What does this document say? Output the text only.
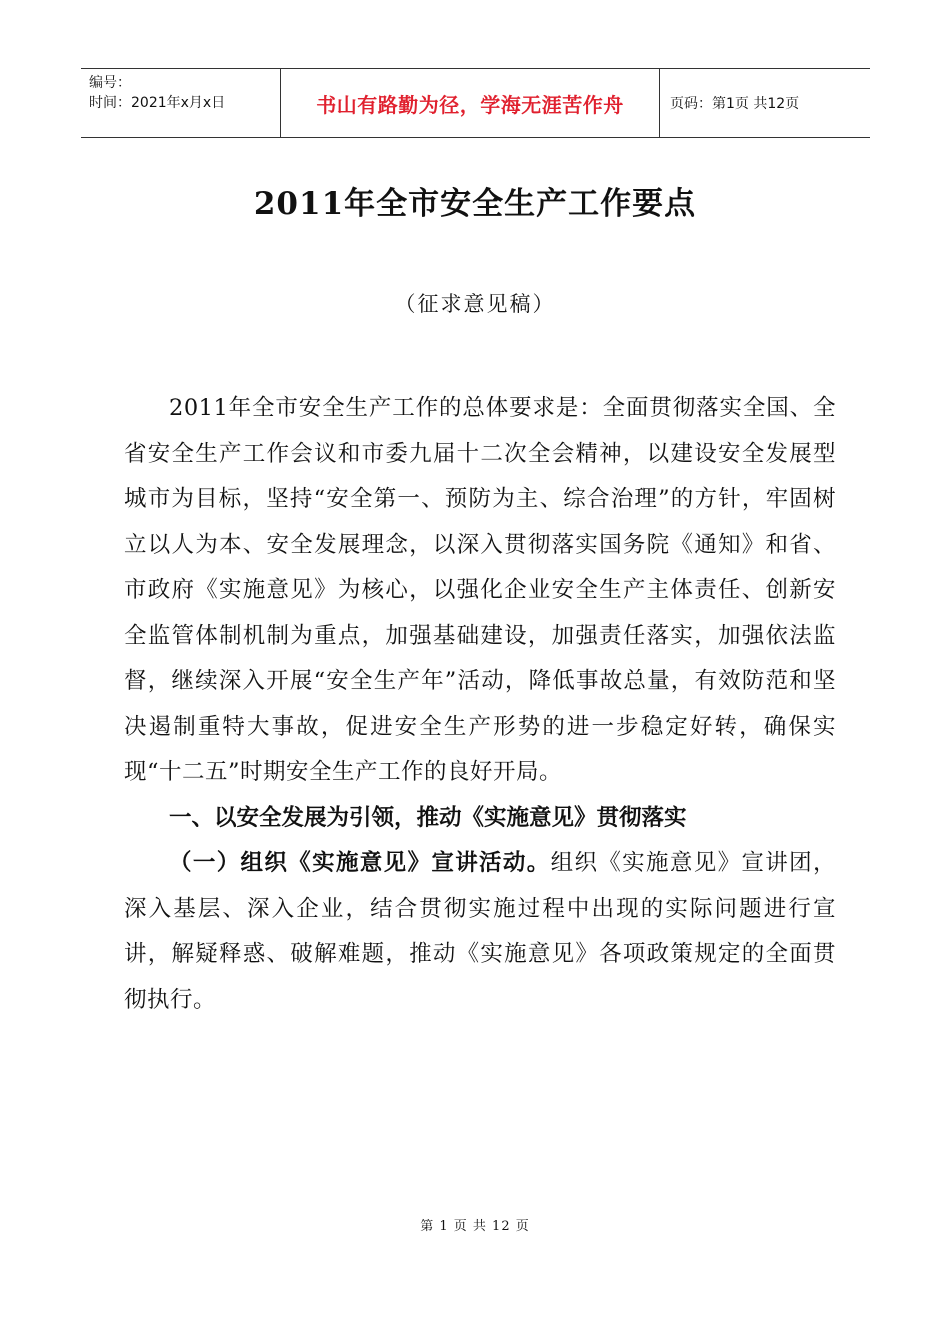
编号：
时间：2021年x月x日	书山有路勤为径，学海无涯苦作舟	页码：第1页 共12页
2011年全市安全生产工作要点
（征求意见稿）

2011年全市安全生产工作的总体要求是：全面贯彻落实全国、全省安全生产工作会议和市委九届十二次全会精神，以建设安全发展型城市为目标，坚持“安全第一、预防为主、综合治理”的方针，牢固树立以人为本、安全发展理念，以深入贯彻落实国务院《通知》和省、市政府《实施意见》为核心，以强化企业安全生产主体责任、创新安全监管体制机制为重点，加强基础建设，加强责任落实，加强依法监督，继续深入开展“安全生产年”活动，降低事故总量，有效防范和坚决遏制重特大事故，促进安全生产形势的进一步稳定好转，确保实现“十二五”时期安全生产工作的良好开局。

一、以安全发展为引领，推动《实施意见》贯彻落实

（一）组织《实施意见》宣讲活动。组织《实施意见》宣讲团，深入基层、深入企业，结合贯彻实施过程中出现的实际问题进行宣讲，解疑释惑、破解难题，推动《实施意见》各项政策规定的全面贯彻执行。

第 1 页 共 12 页
